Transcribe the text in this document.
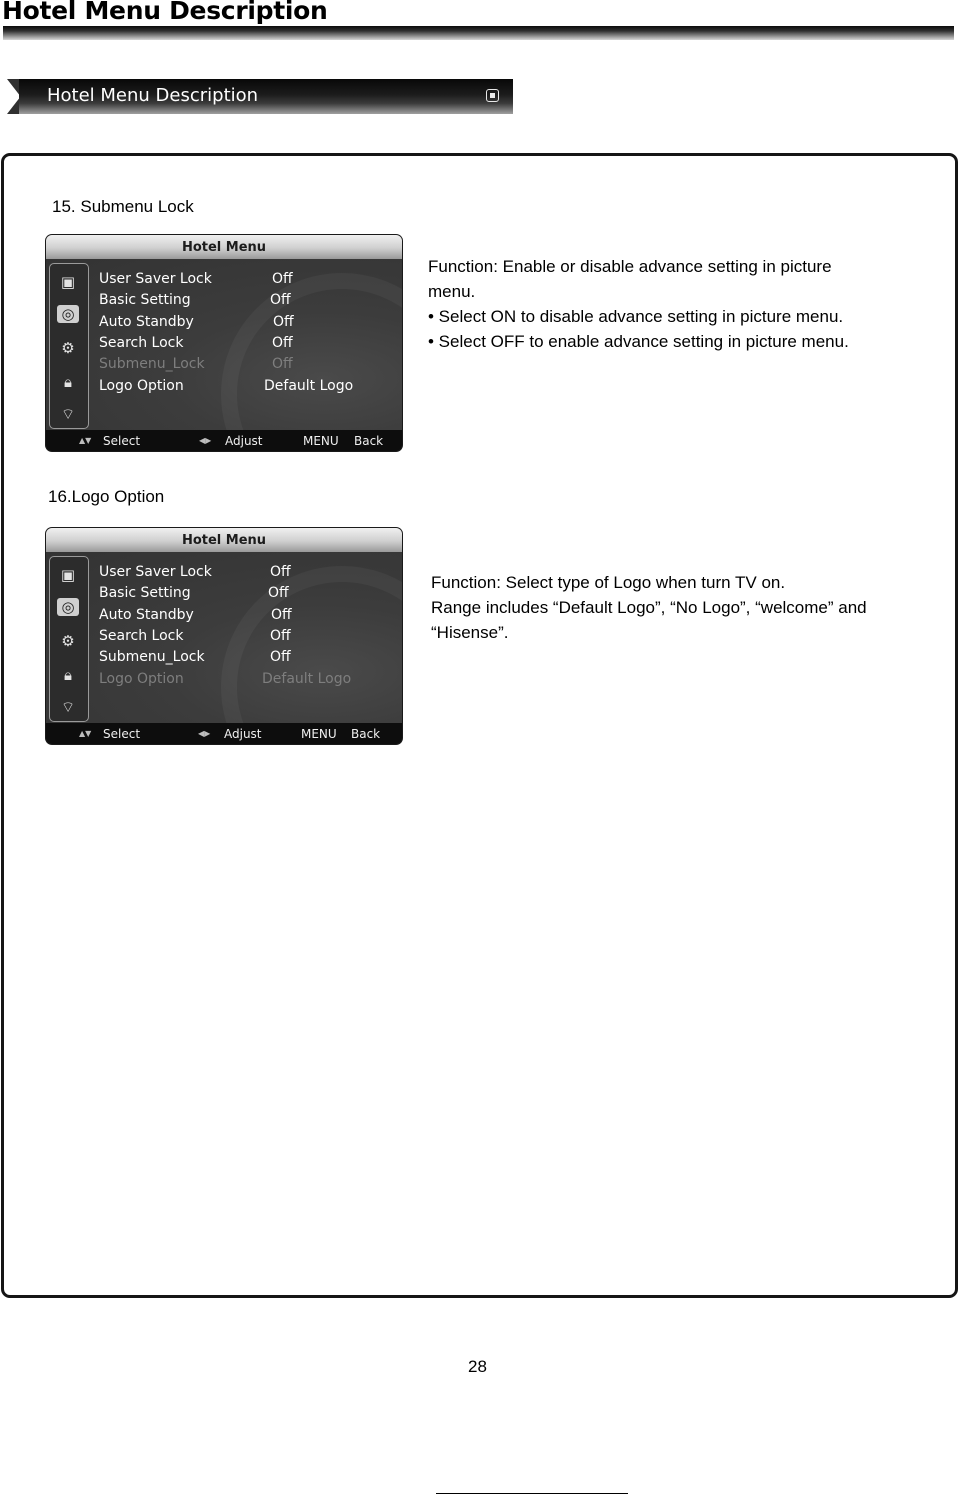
Hotel Menu Description
Hotel Menu Description
15. Submenu Lock
Hotel Menu
▣
◎
⚙
🔒︎
⌔
User Saver Lock	Off
Basic Setting	Off
Auto Standby	Off
Search Lock	Off
Submenu_Lock	Off
Logo Option	Default Logo
▲▼ Select	◀▶ Adjust	MENU Back
Function: Enable or disable advance setting in picture
menu.
• Select ON to disable advance setting in picture menu.
• Select OFF to enable advance setting in picture menu.
16.Logo Option
Hotel Menu
▣
◎
⚙
🔒︎
⌔
User Saver Lock	Off
Basic Setting	Off
Auto Standby	Off
Search Lock	Off
Submenu_Lock	Off
Logo Option	Default Logo
▲▼ Select	◀▶ Adjust	MENU Back
Function: Select type of Logo when turn TV on.
Range includes “Default Logo”, “No Logo”, “welcome” and
“Hisense”.
28
